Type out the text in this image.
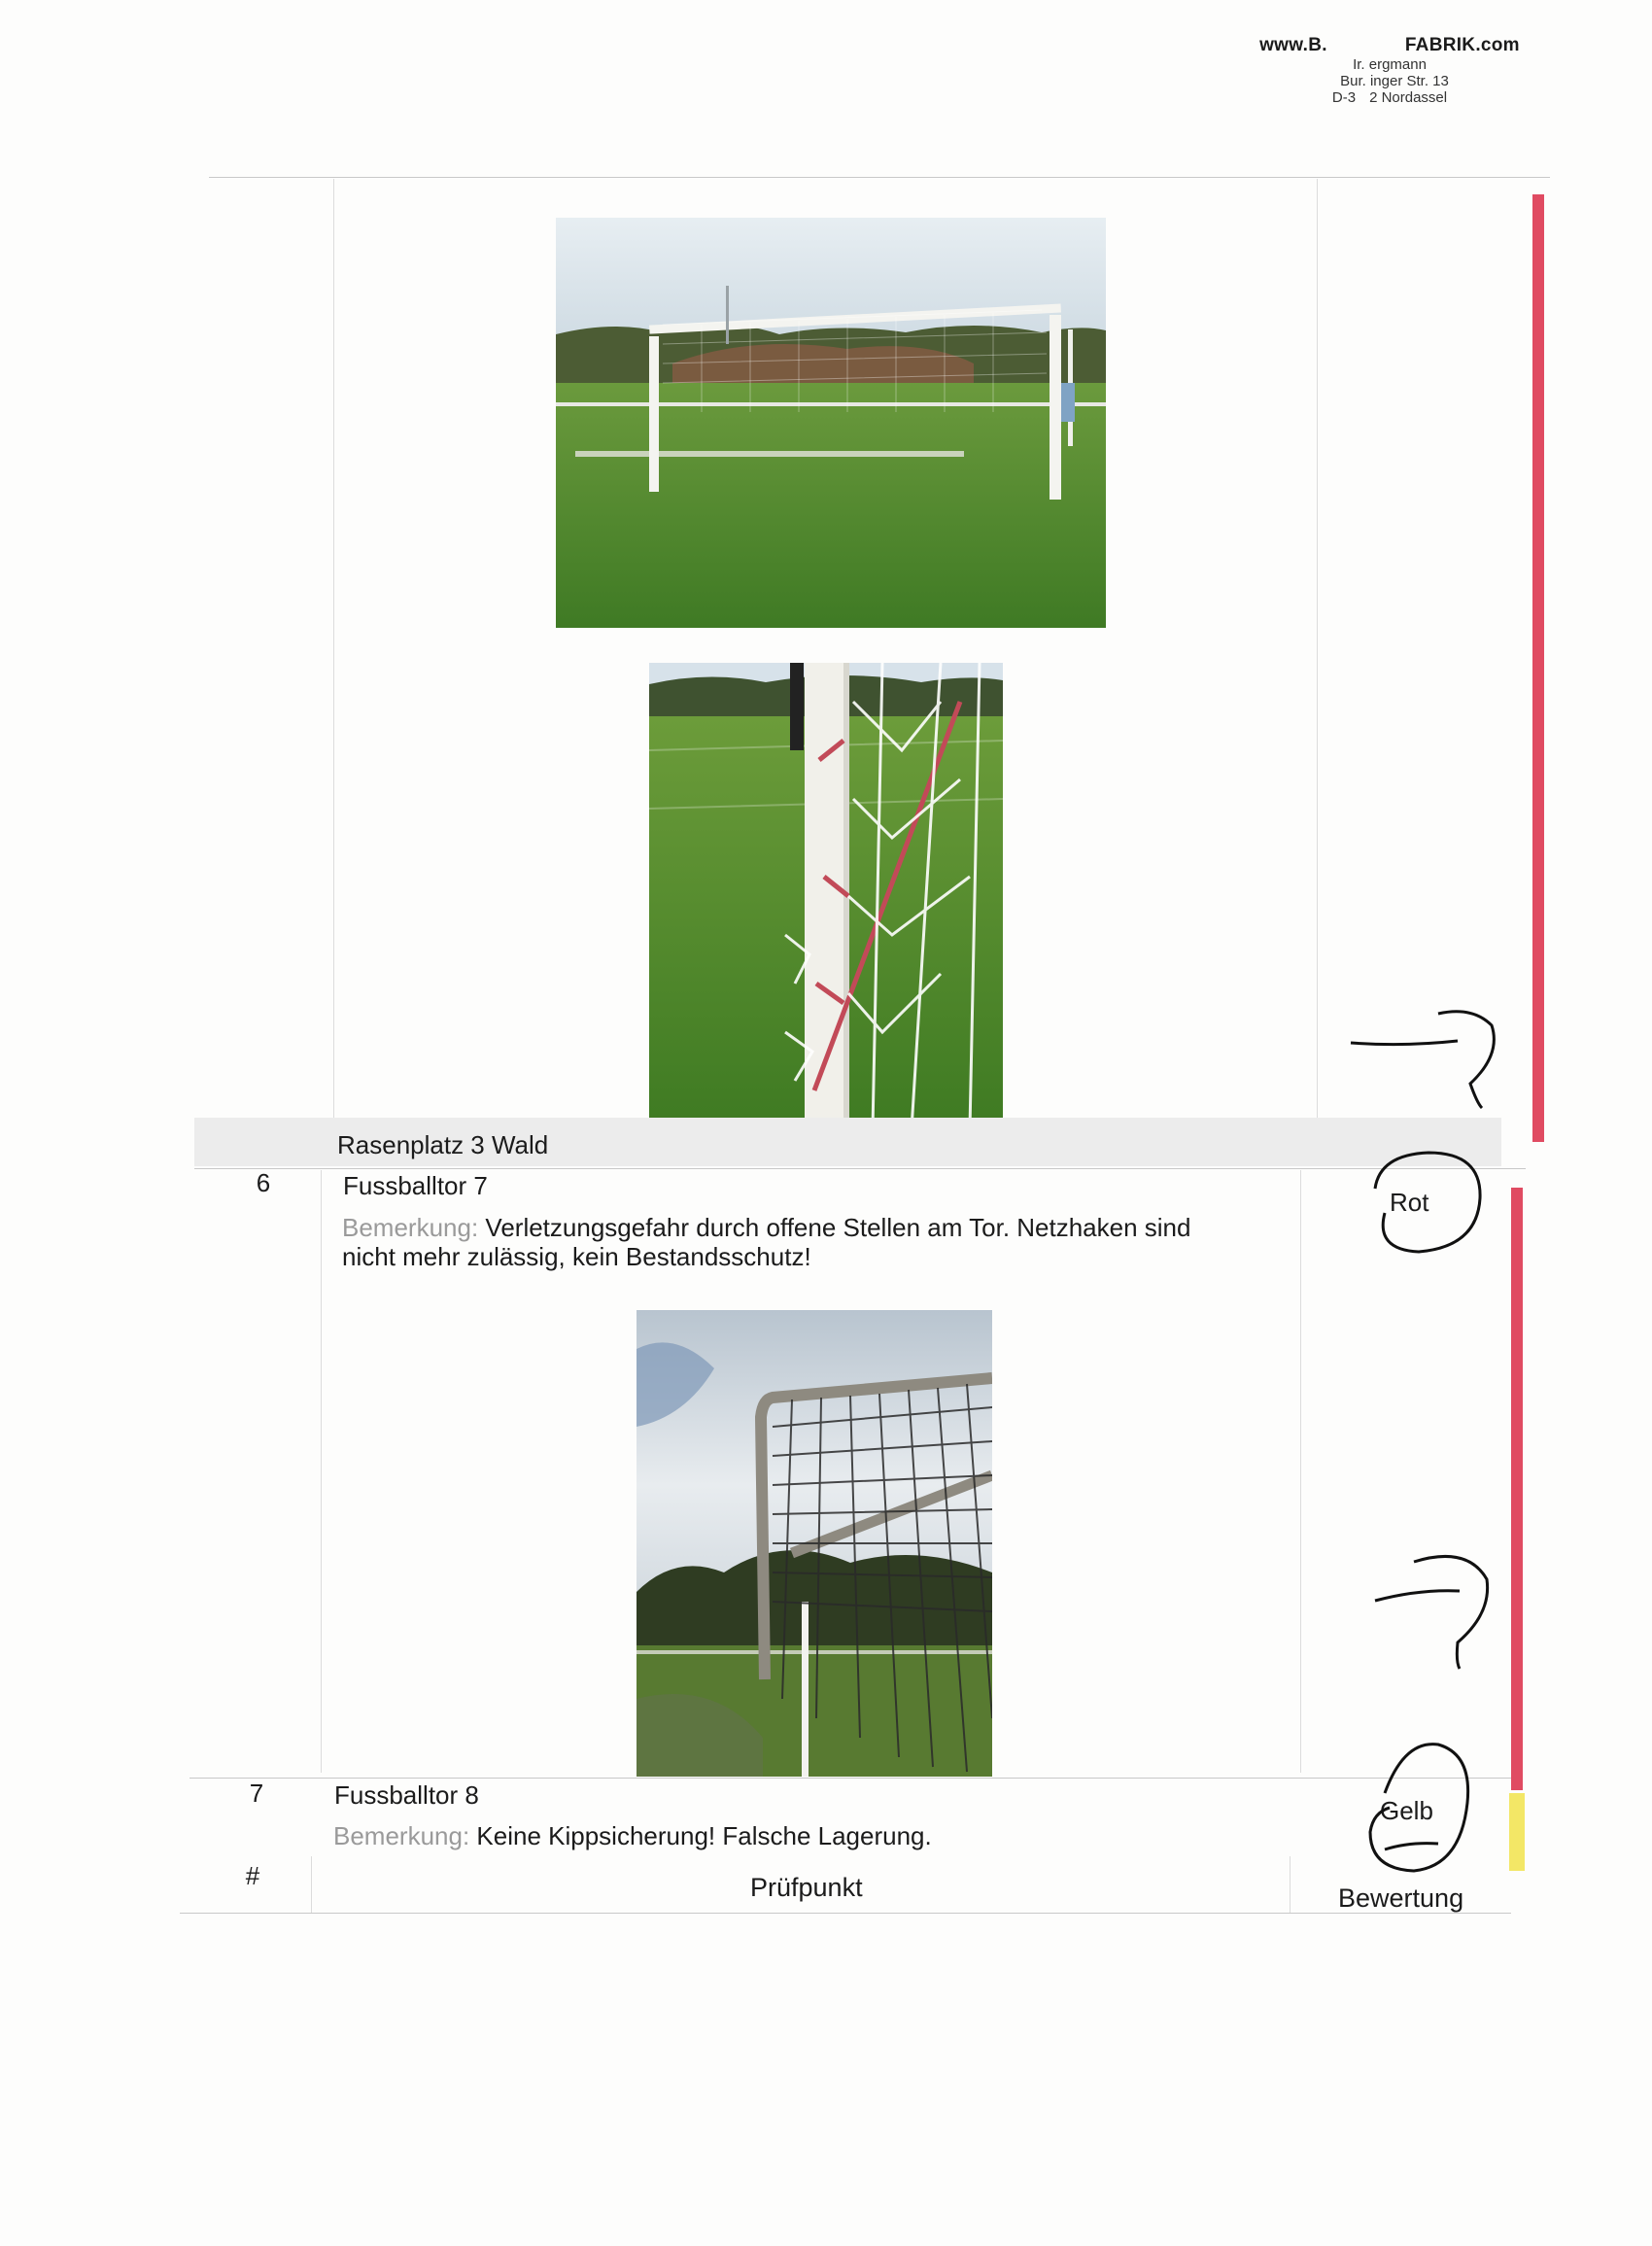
www.B.	FABRIK.com
Ir. ergmann
Bur. inger Str. 13
D-3 2 Nordassel
Rasenplatz 3 Wald
6	Fussballtor 7
Bemerkung: Verletzungsgefahr durch offene Stellen am Tor. Netzhaken sind
nicht mehr zulässig, kein Bestandsschutz!
Rot
7	Fussballtor 8
Bemerkung: Keine Kippsicherung! Falsche Lagerung.
Gelb
#	Prüfpunkt	Bewertung
